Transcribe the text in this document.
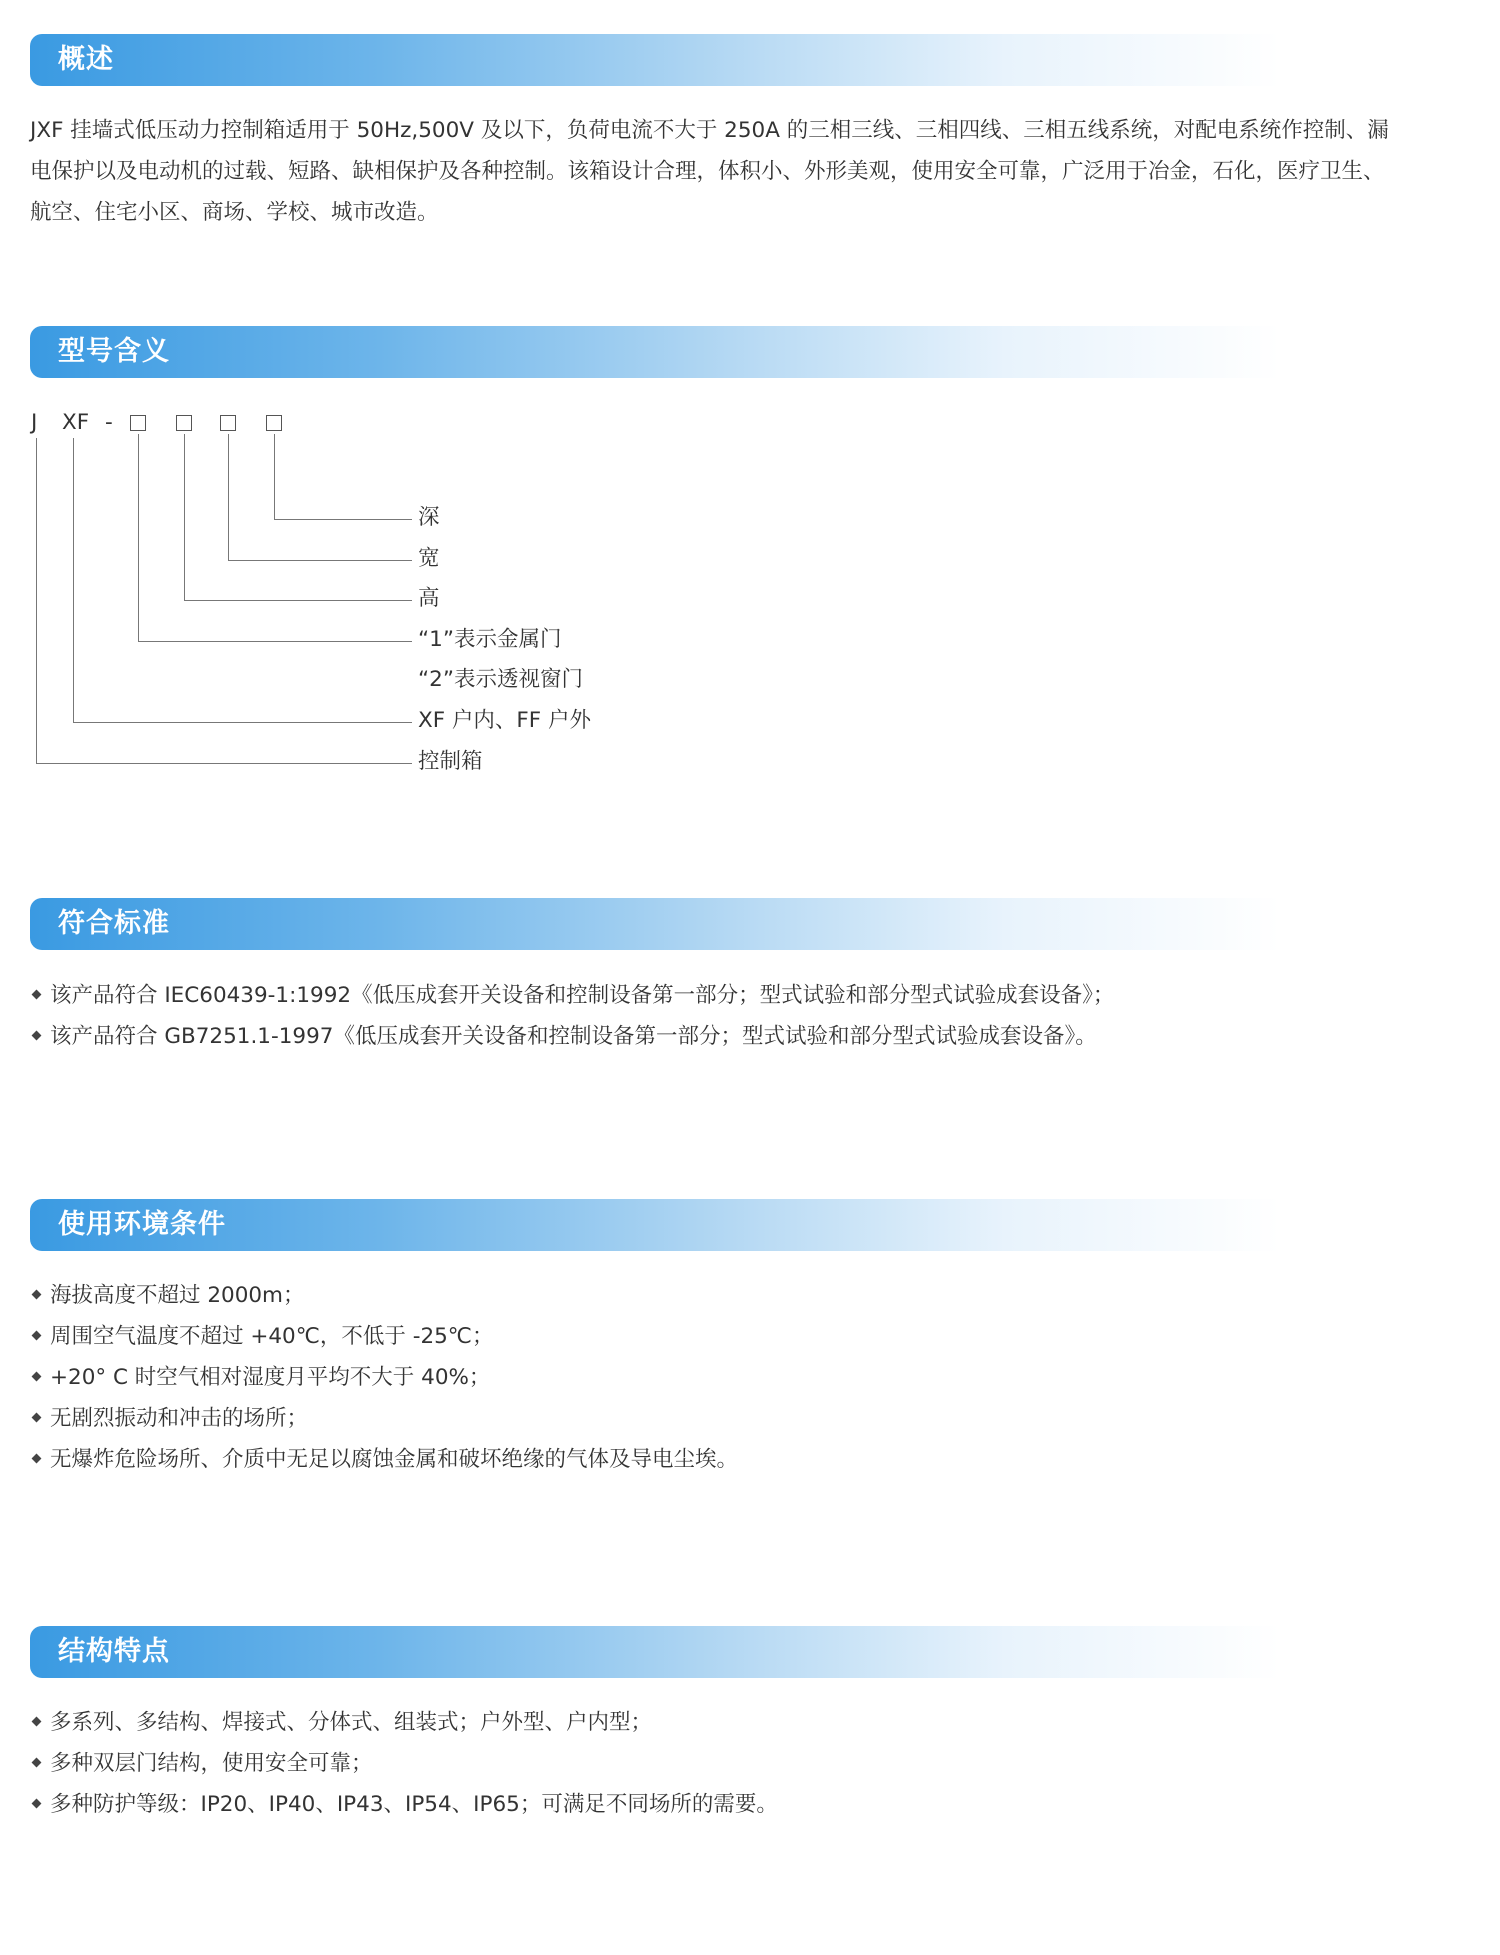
概述
JXF 挂墙式低压动力控制箱适用于 50Hz,500V 及以下，负荷电流不大于 250A 的三相三线、三相四线、三相五线系统，对配电系统作控制、漏
电保护以及电动机的过载、短路、缺相保护及各种控制。该箱设计合理，体积小、外形美观，使用安全可靠，广泛用于冶金，石化，医疗卫生、
航空、住宅小区、商场、学校、城市改造。
型号含义
J XF -
深
宽
高
“1”表示金属门
“2”表示透视窗门
XF 户内、FF 户外
控制箱
符合标准
该产品符合 IEC60439-1:1992《低压成套开关设备和控制设备第一部分；型式试验和部分型式试验成套设备》；
该产品符合 GB7251.1-1997《低压成套开关设备和控制设备第一部分；型式试验和部分型式试验成套设备》。
使用环境条件
海拔高度不超过 2000m；
周围空气温度不超过 +40℃，不低于 -25℃；
+20° C 时空气相对湿度月平均不大于 40%；
无剧烈振动和冲击的场所；
无爆炸危险场所、介质中无足以腐蚀金属和破坏绝缘的气体及导电尘埃。
结构特点
多系列、多结构、焊接式、分体式、组装式；户外型、户内型；
多种双层门结构，使用安全可靠；
多种防护等级：IP20、IP40、IP43、IP54、IP65；可满足不同场所的需要。
